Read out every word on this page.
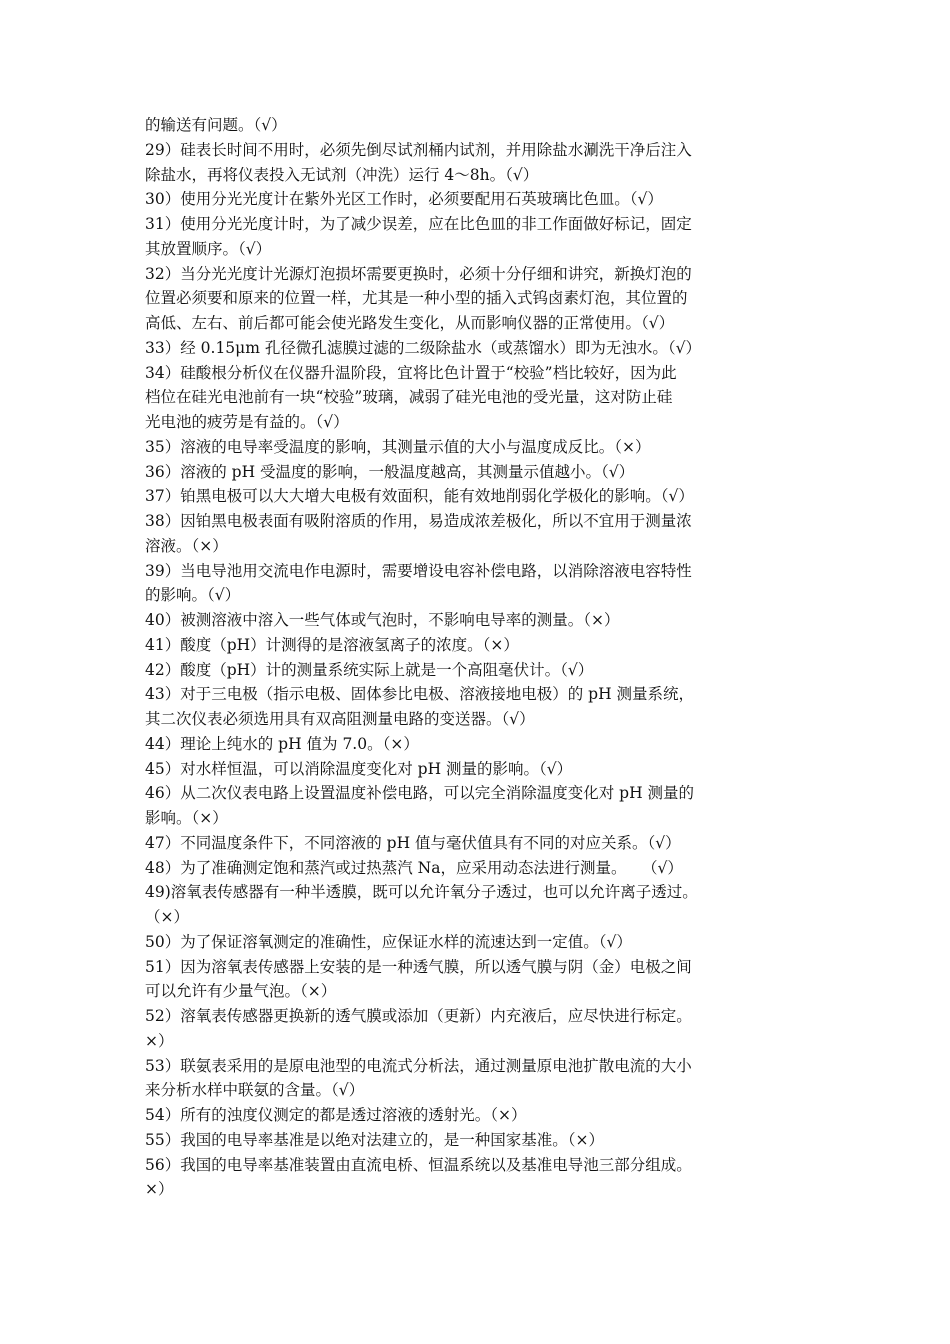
的输送有问题。（√）
29）硅表长时间不用时，必须先倒尽试剂桶内试剂，并用除盐水涮洗干净后注入
除盐水，再将仪表投入无试剂（冲洗）运行 4～8h。（√）
30）使用分光光度计在紫外光区工作时，必须要配用石英玻璃比色皿。（√）
31）使用分光光度计时，为了减少误差，应在比色皿的非工作面做好标记，固定
其放置顺序。（√）
32）当分光光度计光源灯泡损坏需要更换时，必须十分仔细和讲究，新换灯泡的
位置必须要和原来的位置一样，尤其是一种小型的插入式钨卤素灯泡，其位置的
高低、左右、前后都可能会使光路发生变化，从而影响仪器的正常使用。（√）
33）经 0.15μm 孔径微孔滤膜过滤的二级除盐水（或蒸馏水）即为无浊水。（√）
34）硅酸根分析仪在仪器升温阶段，宜将比色计置于“校验”档比较好，因为此
档位在硅光电池前有一块“校验”玻璃，减弱了硅光电池的受光量，这对防止硅
光电池的疲劳是有益的。（√）
35）溶液的电导率受温度的影响，其测量示值的大小与温度成反比。（×）
36）溶液的 pH 受温度的影响，一般温度越高，其测量示值越小。（√）
37）铂黑电极可以大大增大电极有效面积，能有效地削弱化学极化的影响。（√）
38）因铂黑电极表面有吸附溶质的作用，易造成浓差极化，所以不宜用于测量浓
溶液。（×）
39）当电导池用交流电作电源时，需要增设电容补偿电路，以消除溶液电容特性
的影响。（√）
40）被测溶液中溶入一些气体或气泡时，不影响电导率的测量。（×）
41）酸度（pH）计测得的是溶液氢离子的浓度。（×）
42）酸度（pH）计的测量系统实际上就是一个高阻毫伏计。（√）
43）对于三电极（指示电极、固体参比电极、溶液接地电极）的 pH 测量系统，
其二次仪表必须选用具有双高阻测量电路的变送器。（√）
44）理论上纯水的 pH 值为 7.0。（×）
45）对水样恒温，可以消除温度变化对 pH 测量的影响。（√）
46）从二次仪表电路上设置温度补偿电路，可以完全消除温度变化对 pH 测量的
影响。（×）
47）不同温度条件下，不同溶液的 pH 值与毫伏值具有不同的对应关系。（√）
48）为了准确测定饱和蒸汽或过热蒸汽 Na，应采用动态法进行测量。　　（√）
49)溶氧表传感器有一种半透膜，既可以允许氧分子透过，也可以允许离子透过。
（×）
50）为了保证溶氧测定的准确性，应保证水样的流速达到一定值。（√）
51）因为溶氧表传感器上安装的是一种透气膜，所以透气膜与阴（金）电极之间
可以允许有少量气泡。（×）
52）溶氧表传感器更换新的透气膜或添加（更新）内充液后，应尽快进行标定。
×）
53）联氨表采用的是原电池型的电流式分析法，通过测量原电池扩散电流的大小
来分析水样中联氨的含量。（√）
54）所有的浊度仪测定的都是透过溶液的透射光。（×）
55）我国的电导率基准是以绝对法建立的，是一种国家基准。（×）
56）我国的电导率基准装置由直流电桥、恒温系统以及基准电导池三部分组成。
×）
